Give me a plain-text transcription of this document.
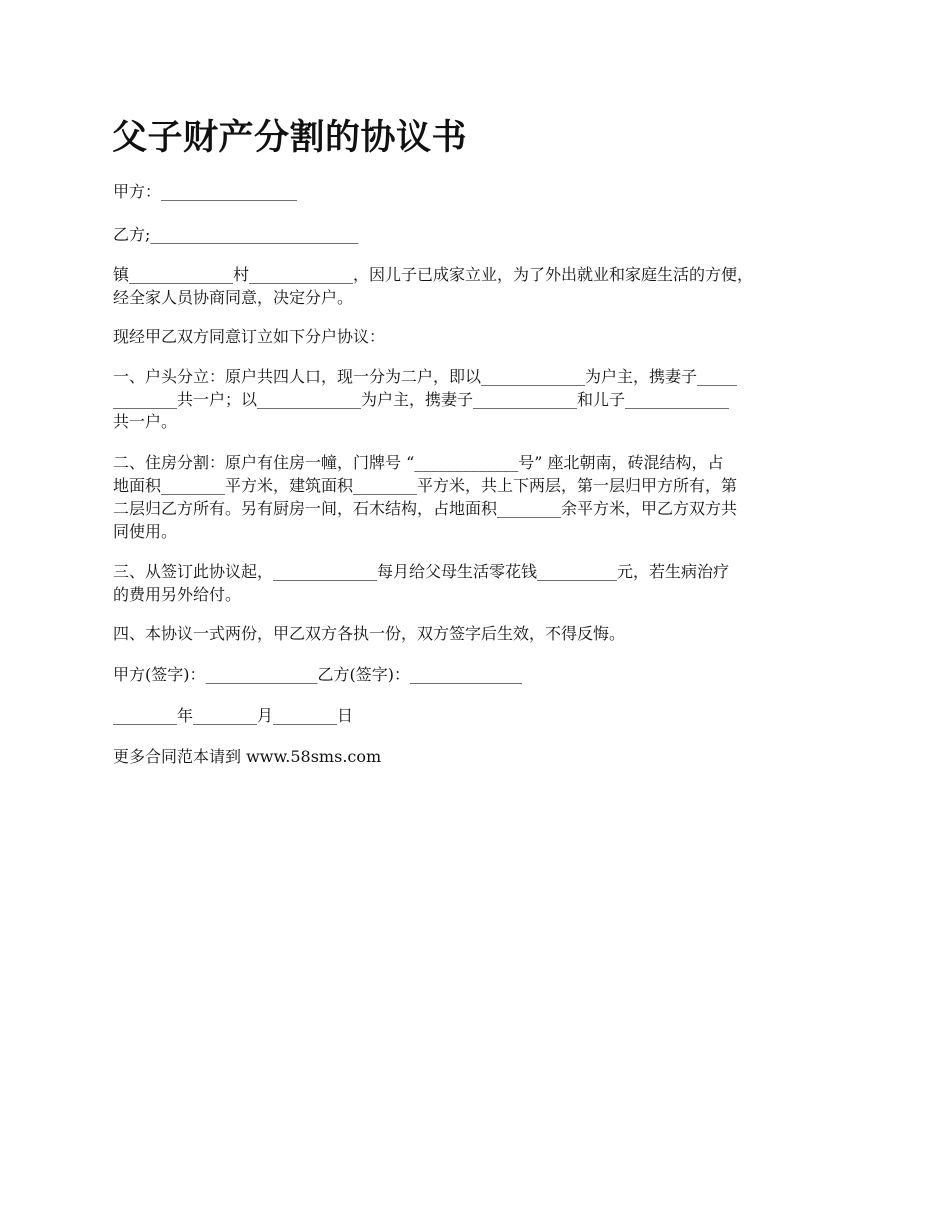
父子财产分割的协议书

甲方：_________________

乙方;__________________________

镇_____________村_____________，因儿子已成家立业，为了外出就业和家庭生活的方便，

经全家人员协商同意，决定分户。

现经甲乙双方同意订立如下分户协议：

一、户头分立：原户共四人口，现一分为二户，即以_____________为户主，携妻子_____

________共一户；以_____________为户主，携妻子_____________和儿子_____________

共一户。

二、住房分割：原户有住房一幢，门牌号 “_____________号” 座北朝南，砖混结构，占

地面积________平方米，建筑面积________平方米，共上下两层，第一层归甲方所有，第

二层归乙方所有。另有厨房一间，石木结构，占地面积________余平方米，甲乙方双方共

同使用。

三、从签订此协议起，_____________每月给父母生活零花钱__________元，若生病治疗

的费用另外给付。

四、本协议一式两份，甲乙双方各执一份，双方签字后生效，不得反悔。

甲方(签字)：______________乙方(签字)：______________

________年________月________日

更多合同范本请到 www.58sms.com
